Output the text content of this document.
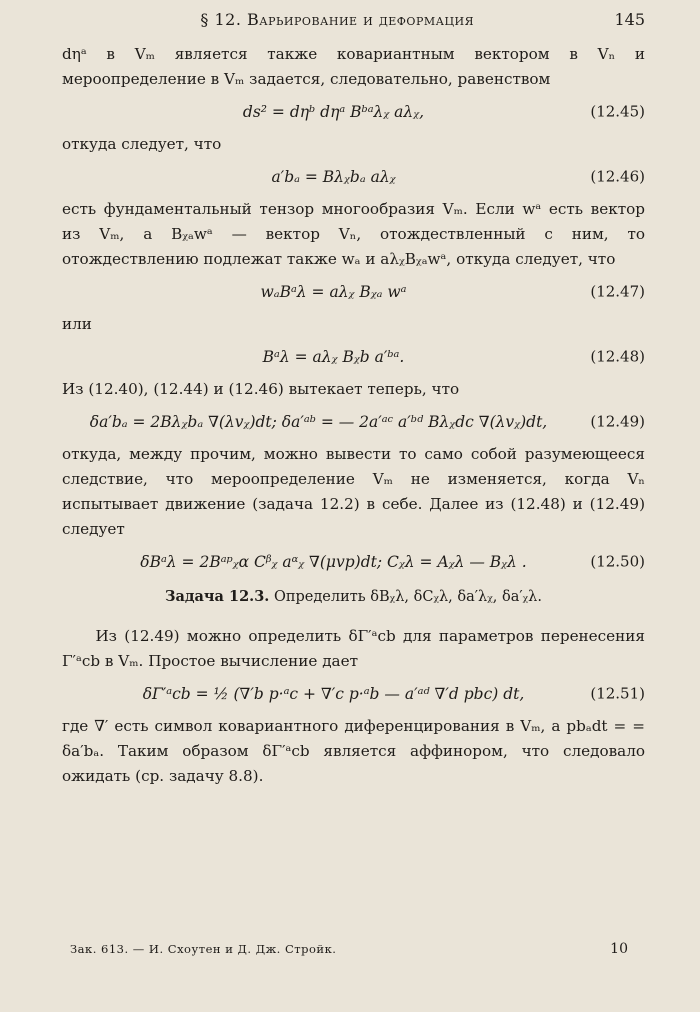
§ 12. Варьирование и деформация	145

dηᵃ в Vₘ является также ковариантным вектором в Vₙ и мероопределение в Vₘ задается, следовательно, равенством

ds² = dηᵇ dηᵃ Bᵇᵃλᵪ aλᵪ,	(12.45)

откуда следует, что

a′bₐ = Bλᵪbₐ aλᵪ	(12.46)

есть фундаментальный тензор многообразия Vₘ. Если wᵃ есть вектор из Vₘ, а Bᵪₐwᵃ — вектор Vₙ, отождествленный с ним, то отождествлению подлежат также wₐ и aλᵪBᵪₐwᵃ, откуда следует, что

wₐBᵃλ = aλᵪ Bᵪₐ wᵃ	(12.47)

или

Bᵃλ = aλᵪ Bᵪb a′ᵇᵃ.	(12.48)

Из (12.40), (12.44) и (12.46) вытекает теперь, что

δa′bₐ = 2Bλᵪbₐ ∇(λvᵪ)dt; δa′ᵃᵇ = — 2a′ᵃᶜ a′ᵇᵈ Bλᵪdc ∇(λvᵪ)dt,	(12.49)

откуда, между прочим, можно вывести то само собой разумеющееся следствие, что мероопределение Vₘ не изменяется, когда Vₙ испытывает движение (задача 12.2) в себе. Далее из (12.48) и (12.49) следует

δBᵃλ = 2Bᵃᵖᵪα Cᵝᵪ aᵅᵪ ∇(μvp)dt; Cᵪλ = Aᵪλ — Bᵪλ .	(12.50)
Задача 12.3. Определить δBᵪλ, δCᵪλ, δa′λᵪ, δa′ᵪλ.

Из (12.49) можно определить δΓ′ᵃcb для параметров перенесения Γ′ᵃcb в Vₘ. Простое вычисление дает

δΓ′ᵃcb = ½ (∇′b p·ᵃc + ∇′c p·ᵃb — a′ᵃᵈ ∇′d pbc) dt,	(12.51)

где ∇′ есть символ ковариантного диференцирования в Vₘ, а pbₐdt = = δa′bₐ. Таким образом δΓ′ᵃcb является аффинором, что следовало ожидать (ср. задачу 8.8).

Зак. 613. — И. Схоутен и Д. Дж. Стройк.	10
